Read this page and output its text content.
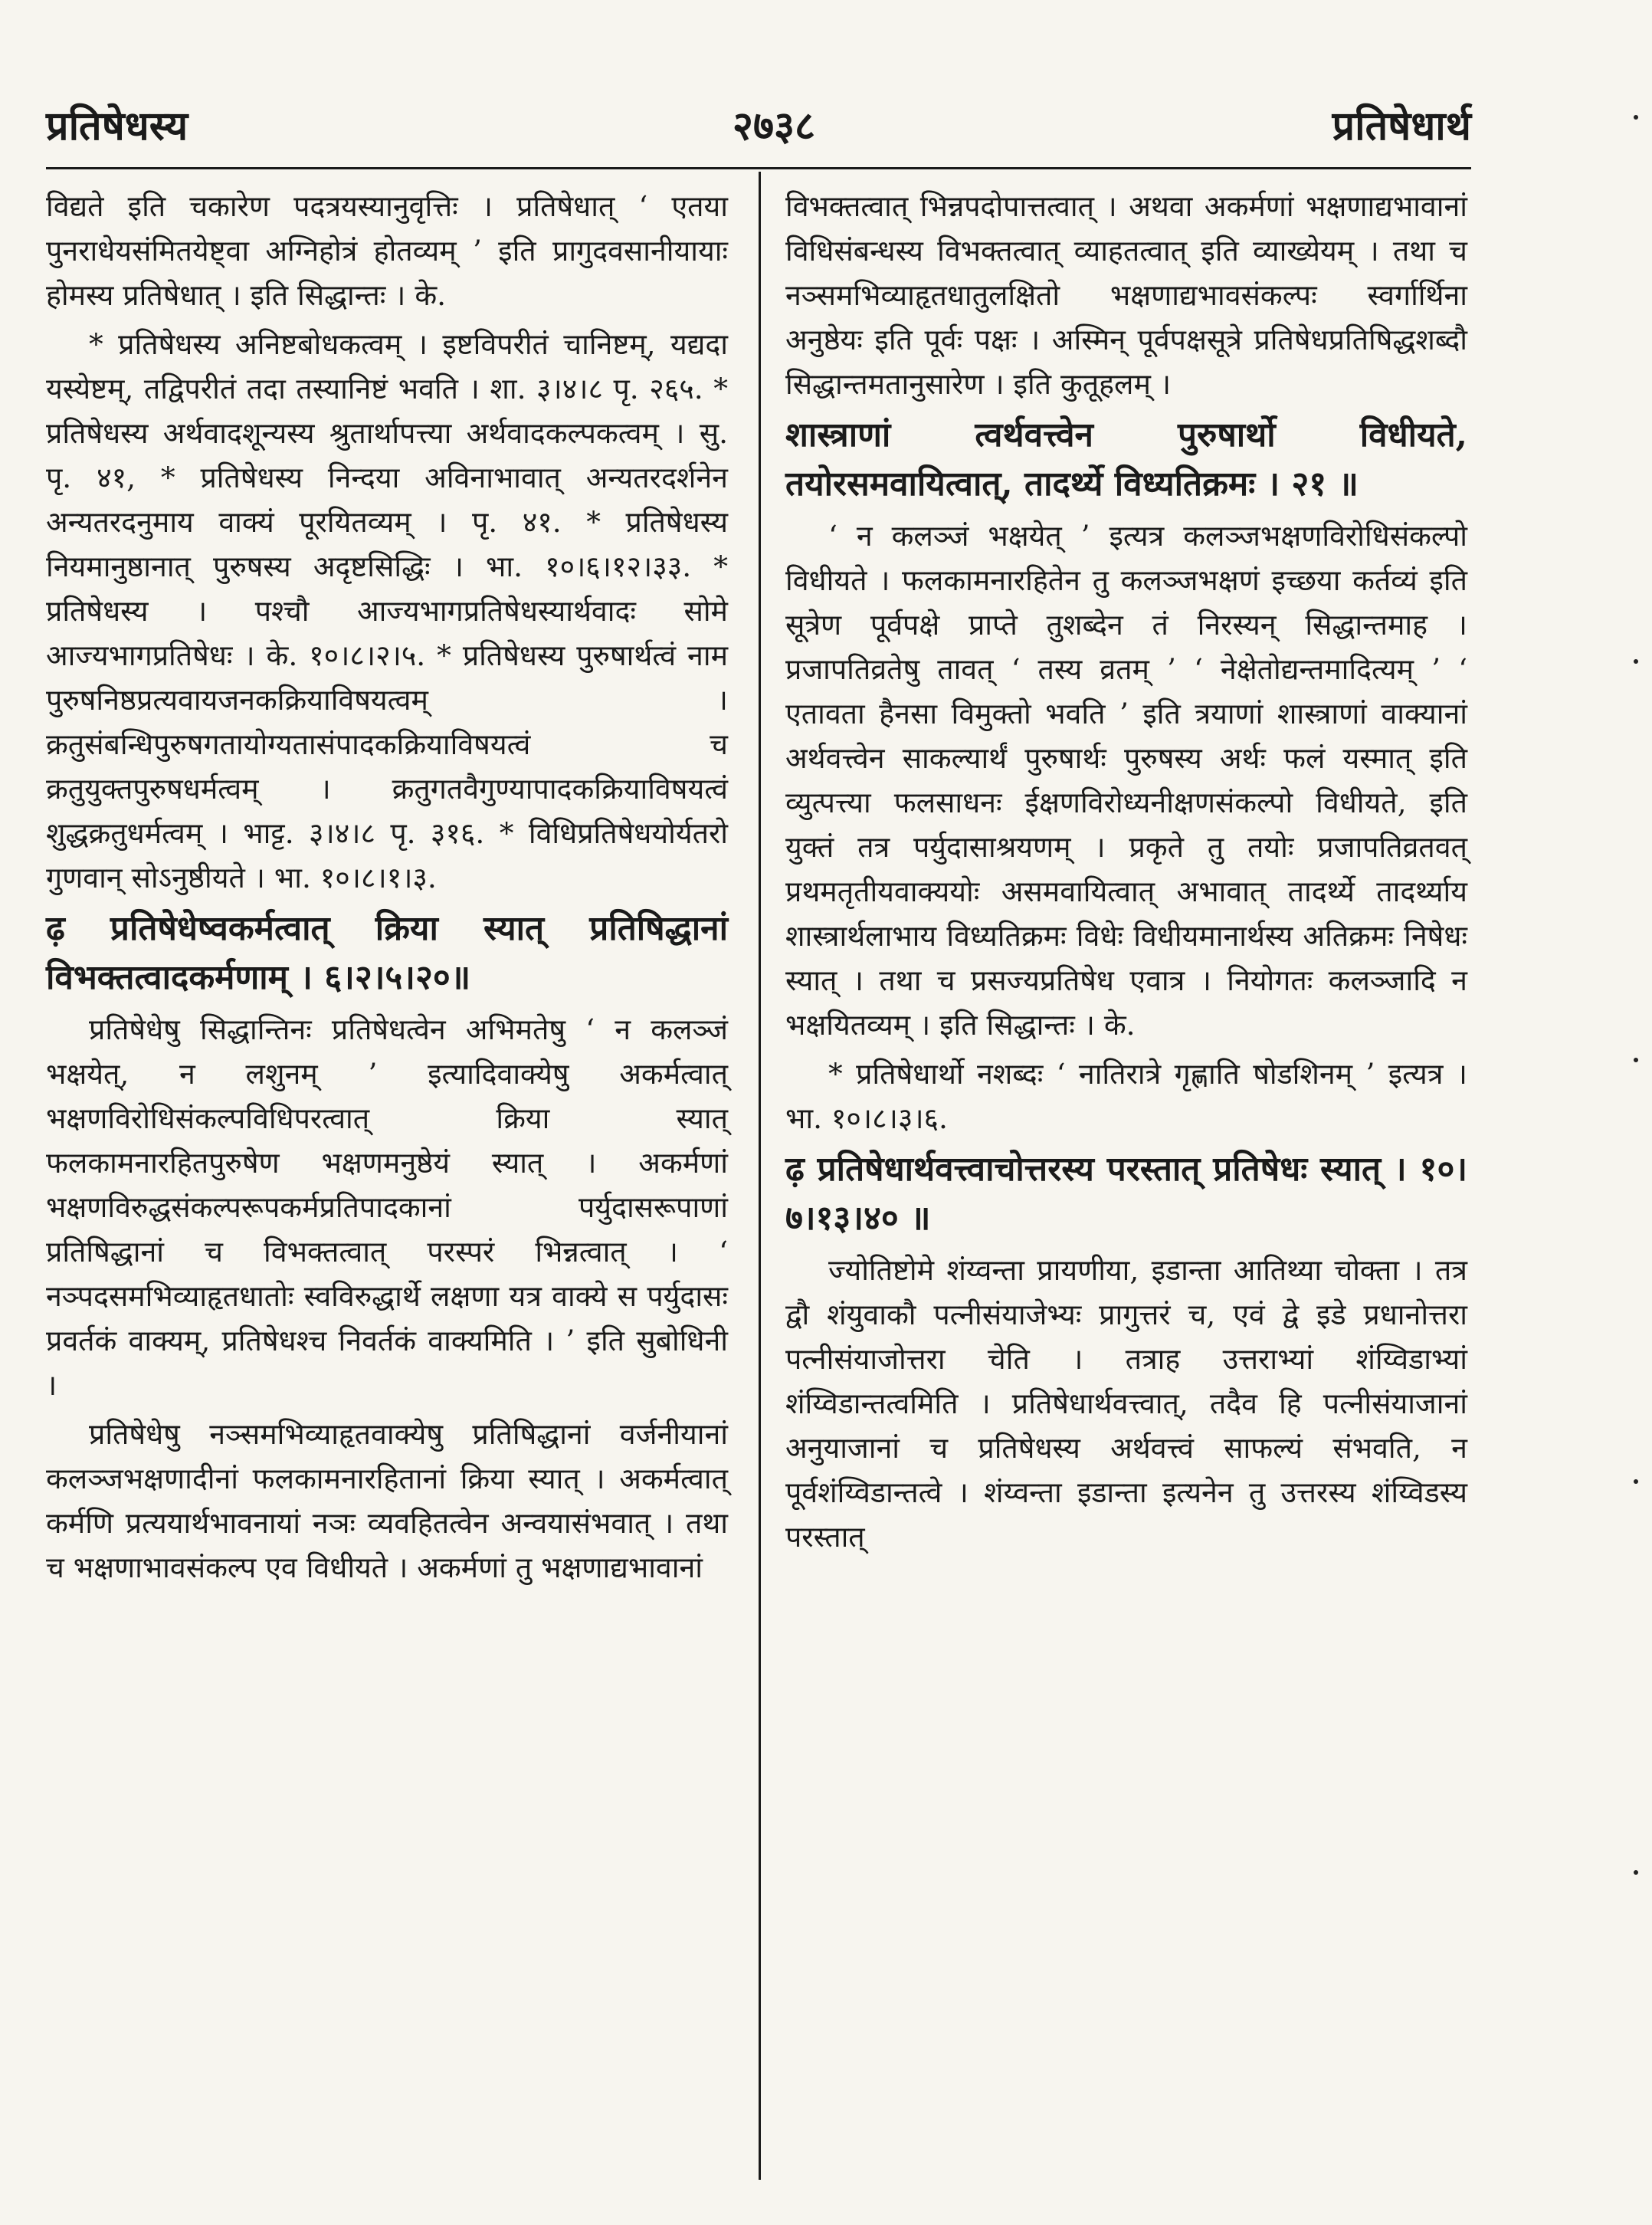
प्रतिषेधस्य	२७३८	प्रतिषेधार्थ

विद्यते इति चकारेण पदत्रयस्यानुवृत्तिः । प्रतिषेधात् ‘ एतया पुनराधेयसंमितयेष्ट्वा अग्निहोत्रं होतव्यम् ’ इति प्रागुदवसानीयायाः होमस्य प्रतिषेधात् । इति सिद्धान्तः । के.

* प्रतिषेधस्य अनिष्टबोधकत्वम् । इष्टविपरीतं चानिष्टम्, यद्यदा यस्येष्टम्, तद्विपरीतं तदा तस्यानिष्टं भवति । शा. ३।४।८ पृ. २६५. * प्रतिषेधस्य अर्थवादशून्यस्य श्रुतार्थापत्त्या अर्थवादकल्पकत्वम् । सु. पृ. ४१, * प्रतिषेधस्य निन्दया अविनाभावात् अन्यतरदर्शनेन अन्यतरदनुमाय वाक्यं पूरयितव्यम् । पृ. ४१. * प्रतिषेधस्य नियमानुष्ठानात् पुरुषस्य अदृष्टसिद्धिः । भा. १०।६।१२।३३. * प्रतिषेधस्य । पश्चौ आज्यभागप्रतिषेधस्यार्थवादः सोमे आज्यभागप्रतिषेधः । के. १०।८।२।५. * प्रतिषेधस्य पुरुषार्थत्वं नाम पुरुषनिष्ठप्रत्यवायजनकक्रियाविषयत्वम् । क्रतुसंबन्धिपुरुषगतायोग्यतासंपादकक्रियाविषयत्वं च क्रतुयुक्तपुरुषधर्मत्वम् । क्रतुगतवैगुण्यापादकक्रियाविषयत्वं शुद्धक्रतुधर्मत्वम् । भाट्ट. ३।४।८ पृ. ३१६. * विधिप्रतिषेधयोर्यतरो गुणवान् सोऽनुष्ठीयते । भा. १०।८।१।३.

ढ़ प्रतिषेधेष्वकर्मत्वात् क्रिया स्यात् प्रतिषिद्धानां विभक्तत्वादकर्मणाम् । ६।२।५।२०॥

प्रतिषेधेषु सिद्धान्तिनः प्रतिषेधत्वेन अभिमतेषु ‘ न कलञ्जं भक्षयेत्, न लशुनम् ’ इत्यादिवाक्येषु अकर्मत्वात् भक्षणविरोधिसंकल्पविधिपरत्वात् क्रिया स्यात् फलकामनारहितपुरुषेण भक्षणमनुष्ठेयं स्यात् । अकर्मणां भक्षणविरुद्धसंकल्परूपकर्मप्रतिपादकानां पर्युदासरूपाणां प्रतिषिद्धानां च विभक्तत्वात् परस्परं भिन्नत्वात् । ‘ नञ्पदसमभिव्याहृतधातोः स्वविरुद्धार्थे लक्षणा यत्र वाक्ये स पर्युदासः प्रवर्तकं वाक्यम्, प्रतिषेधश्च निवर्तकं वाक्यमिति । ’ इति सुबोधिनी ।

प्रतिषेधेषु नञ्समभिव्याहृतवाक्येषु प्रतिषिद्धानां वर्जनीयानां कलञ्जभक्षणादीनां फलकामनारहितानां क्रिया स्यात् । अकर्मत्वात् कर्मणि प्रत्ययार्थभावनायां नञः व्यवहितत्वेन अन्वयासंभवात् । तथा च भक्षणाभावसंकल्प एव विधीयते । अकर्मणां तु भक्षणाद्यभावानां

विभक्तत्वात् भिन्नपदोपात्तत्वात् । अथवा अकर्मणां भक्षणाद्यभावानां विधिसंबन्धस्य विभक्तत्वात् व्याहतत्वात् इति व्याख्येयम् । तथा च नञ्समभिव्याहृतधातुलक्षितो भक्षणाद्यभावसंकल्पः स्वर्गार्थिना अनुष्ठेयः इति पूर्वः पक्षः । अस्मिन् पूर्वपक्षसूत्रे प्रतिषेधप्रतिषिद्धशब्दौ सिद्धान्तमतानुसारेण । इति कुतूहलम् ।

शास्त्राणां त्वर्थवत्त्वेन पुरुषार्थो विधीयते, तयोरसमवायित्वात्, तादर्थ्ये विध्यतिक्रमः । २१ ॥

‘ न कलञ्जं भक्षयेत् ’ इत्यत्र कलञ्जभक्षणविरोधिसंकल्पो विधीयते । फलकामनारहितेन तु कलञ्जभक्षणं इच्छया कर्तव्यं इति सूत्रेण पूर्वपक्षे प्राप्ते तुशब्देन तं निरस्यन् सिद्धान्तमाह । प्रजापतिव्रतेषु तावत् ‘ तस्य व्रतम् ’ ‘ नेक्षेतोद्यन्तमादित्यम् ’ ‘ एतावता हैनसा विमुक्तो भवति ’ इति त्रयाणां शास्त्राणां वाक्यानां अर्थवत्त्वेन साकल्यार्थं पुरुषार्थः पुरुषस्य अर्थः फलं यस्मात् इति व्युत्पत्त्या फलसाधनः ईक्षणविरोध्यनीक्षणसंकल्पो विधीयते, इति युक्तं तत्र पर्युदासाश्रयणम् । प्रकृते तु तयोः प्रजापतिव्रतवत् प्रथमतृतीयवाक्ययोः असमवायित्वात् अभावात् तादर्थ्ये तादर्थ्याय शास्त्रार्थलाभाय विध्यतिक्रमः विधेः विधीयमानार्थस्य अतिक्रमः निषेधः स्यात् । तथा च प्रसज्यप्रतिषेध एवात्र । नियोगतः कलञ्जादि न भक्षयितव्यम् । इति सिद्धान्तः । के.

* प्रतिषेधार्थो नशब्दः ‘ नातिरात्रे गृह्णाति षोडशिनम् ’ इत्यत्र । भा. १०।८।३।६.

ढ़ प्रतिषेधार्थवत्त्वाचोत्तरस्य परस्तात् प्रतिषेधः स्यात् । १०।७।१३।४० ॥

ज्योतिष्टोमे शंय्वन्ता प्रायणीया, इडान्ता आतिथ्या चोक्ता । तत्र द्वौ शंयुवाकौ पत्नीसंयाजेभ्यः प्रागुत्तरं च, एवं द्वे इडे प्रधानोत्तरा पत्नीसंयाजोत्तरा चेति । तत्राह उत्तराभ्यां शंय्विडाभ्यां शंय्विडान्तत्वमिति । प्रतिषेधार्थवत्त्वात्, तदैव हि पत्नीसंयाजानां अनुयाजानां च प्रतिषेधस्य अर्थवत्त्वं साफल्यं संभवति, न पूर्वशंय्विडान्तत्वे । शंय्वन्ता इडान्ता इत्यनेन तु उत्तरस्य शंय्विडस्य परस्तात्
